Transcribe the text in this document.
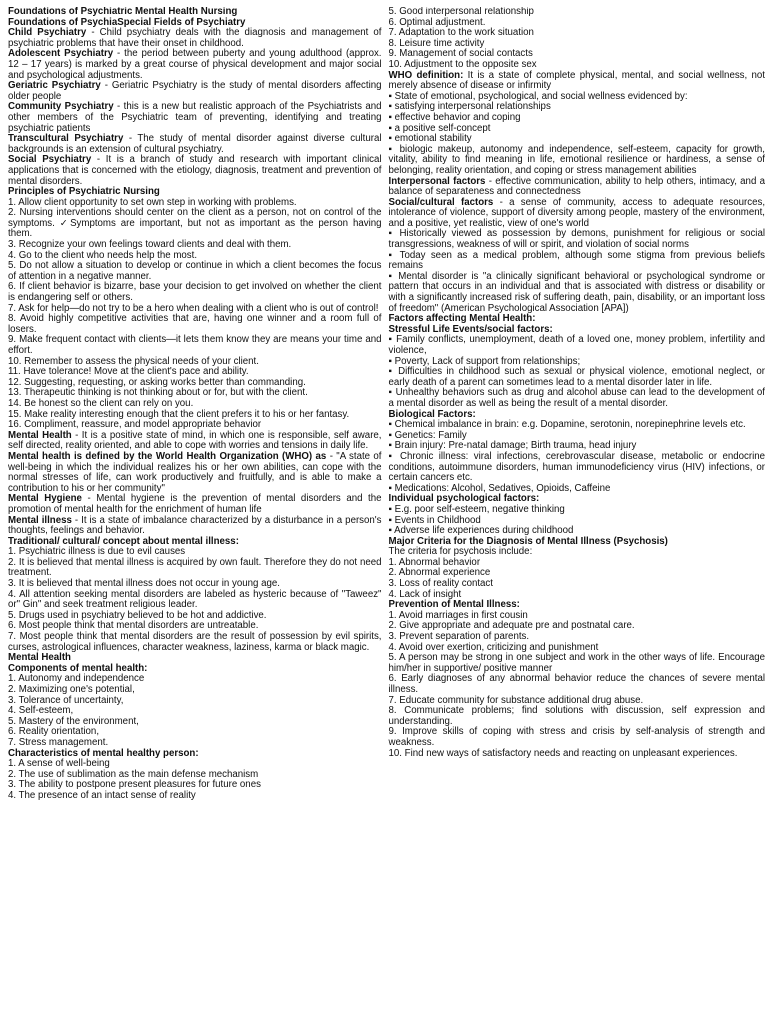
Foundations of Psychiatric Mental Health Nursing

Foundations of PsychiaSpecial Fields of Psychiatry

Child Psychiatry - Child psychiatry deals with the diagnosis and management of psychiatric problems that have their onset in childhood.

Adolescent Psychiatry - the period between puberty and young adulthood (approx. 12 – 17 years) is marked by a great course of physical development and major social and psychological adjustments.

Geriatric Psychiatry - Geriatric Psychiatry is the study of mental disorders affecting older people

Community Psychiatry - this is a new but realistic approach of the Psychiatrists and other members of the Psychiatric team of preventing, identifying and treating psychiatric patients

Transcultural Psychiatry - The study of mental disorder against diverse cultural backgrounds is an extension of cultural psychiatry.

Social Psychiatry - It is a branch of study and research with important clinical applications that is concerned with the etiology, diagnosis, treatment and prevention of mental disorders.

Principles of Psychiatric Nursing

1. Allow client opportunity to set own step in working with problems.

2. Nursing interventions should center on the client as a person, not on control of the symptoms. ✓Symptoms are important, but not as important as the person having them.

3. Recognize your own feelings toward clients and deal with them.

4. Go to the client who needs help the most.

5. Do not allow a situation to develop or continue in which a client becomes the focus of attention in a negative manner.

6. If client behavior is bizarre, base your decision to get involved on whether the client is endangering self or others.

7. Ask for help—do not try to be a hero when dealing with a client who is out of control!

8. Avoid highly competitive activities that are, having one winner and a room full of losers.

9. Make frequent contact with clients—it lets them know they are means your time and effort.

10. Remember to assess the physical needs of your client.

11. Have tolerance! Move at the client's pace and ability.

12. Suggesting, requesting, or asking works better than commanding.

13. Therapeutic thinking is not thinking about or for, but with the client.

14. Be honest so the client can rely on you.

15. Make reality interesting enough that the client prefers it to his or her fantasy.

16. Compliment, reassure, and model appropriate behavior

Mental Health - It is a positive state of mind, in which one is responsible, self aware, self directed, reality oriented, and able to cope with worries and tensions in daily life.

Mental health is defined by the World Health Organization (WHO) as - "A state of well-being in which the individual realizes his or her own abilities, can cope with the normal stresses of life, can work productively and fruitfully, and is able to make a contribution to his or her community"

Mental Hygiene - Mental hygiene is the prevention of mental disorders and the promotion of mental health for the enrichment of human life

Mental illness - It is a state of imbalance characterized by a disturbance in a person's thoughts, feelings and behavior.

Traditional/ cultural/ concept about mental illness:

1. Psychiatric illness is due to evil causes

2. It is believed that mental illness is acquired by own fault. Therefore they do not need treatment.

3. It is believed that mental illness does not occur in young age.

4. All attention seeking mental disorders are labeled as hysteric because of "Taweez" or" Gin" and seek treatment religious leader.

5. Drugs used in psychiatry believed to be hot and addictive.

6. Most people think that mental disorders are untreatable.

7. Most people think that mental disorders are the result of possession by evil spirits, curses, astrological influences, character weakness, laziness, karma or black magic.

Mental Health

Components of mental health:

1. Autonomy and independence

2. Maximizing one's potential,

3. Tolerance of uncertainty,

4. Self-esteem,

5. Mastery of the environment,

6. Reality orientation,

7. Stress management.

Characteristics of mental healthy person:

1. A sense of well-being

2. The use of sublimation as the main defense mechanism

3. The ability to postpone present pleasures for future ones

4. The presence of an intact sense of reality

5. Good interpersonal relationship

6. Optimal adjustment.

7. Adaptation to the work situation

8. Leisure time activity

9. Management of social contacts

10. Adjustment to the opposite sex

WHO definition: It is a state of complete physical, mental, and social wellness, not merely absence of disease or infirmity

▪ State of emotional, psychological, and social wellness evidenced by:

▪ satisfying interpersonal relationships

▪ effective behavior and coping

▪ a positive self-concept

▪ emotional stability

▪ biologic makeup, autonomy and independence, self-esteem, capacity for growth, vitality, ability to find meaning in life, emotional resilience or hardiness, a sense of belonging, reality orientation, and coping or stress management abilities

Interpersonal factors - effective communication, ability to help others, intimacy, and a balance of separateness and connectedness

Social/cultural factors - a sense of community, access to adequate resources, intolerance of violence, support of diversity among people, mastery of the environment, and a positive, yet realistic, view of one's world

▪ Historically viewed as possession by demons, punishment for religious or social transgressions, weakness of will or spirit, and violation of social norms

▪ Today seen as a medical problem, although some stigma from previous beliefs remains

▪ Mental disorder is "a clinically significant behavioral or psychological syndrome or pattern that occurs in an individual and that is associated with distress or disability or with a significantly increased risk of suffering death, pain, disability, or an important loss of freedom" (American Psychological Association [APA])

Factors affecting Mental Health:

Stressful Life Events/social factors:

▪ Family conflicts, unemployment, death of a loved one, money problem, infertility and violence,

▪ Poverty, Lack of support from relationships;

▪ Difficulties in childhood such as sexual or physical violence, emotional neglect, or early death of a parent can sometimes lead to a mental disorder later in life.

▪ Unhealthy behaviors such as drug and alcohol abuse can lead to the development of a mental disorder as well as being the result of a mental disorder.

Biological Factors:

▪ Chemical imbalance in brain: e.g. Dopamine, serotonin, norepinephrine levels etc.

▪ Genetics: Family

▪ Brain injury: Pre-natal damage; Birth trauma, head injury

▪ Chronic illness: viral infections, cerebrovascular disease, metabolic or endocrine conditions, autoimmune disorders, human immunodeficiency virus (HIV) infections, or certain cancers etc.

▪ Medications: Alcohol, Sedatives, Opioids, Caffeine

Individual psychological factors:

▪ E.g. poor self-esteem, negative thinking

▪ Events in Childhood

▪ Adverse life experiences during childhood

Major Criteria for the Diagnosis of Mental Illness (Psychosis)

The criteria for psychosis include:

1. Abnormal behavior

2. Abnormal experience

3. Loss of reality contact

4. Lack of insight

Prevention of Mental Illness:

1. Avoid marriages in first cousin

2. Give appropriate and adequate pre and postnatal care.

3. Prevent separation of parents.

4. Avoid over exertion, criticizing and punishment

5. A person may be strong in one subject and work in the other ways of life. Encourage him/her in supportive/ positive manner

6. Early diagnoses of any abnormal behavior reduce the chances of severe mental illness.

7. Educate community for substance additional drug abuse.

8. Communicate problems; find solutions with discussion, self expression and understanding.

9. Improve skills of coping with stress and crisis by self-analysis of strength and weakness.

10. Find new ways of satisfactory needs and reacting on unpleasant experiences.
